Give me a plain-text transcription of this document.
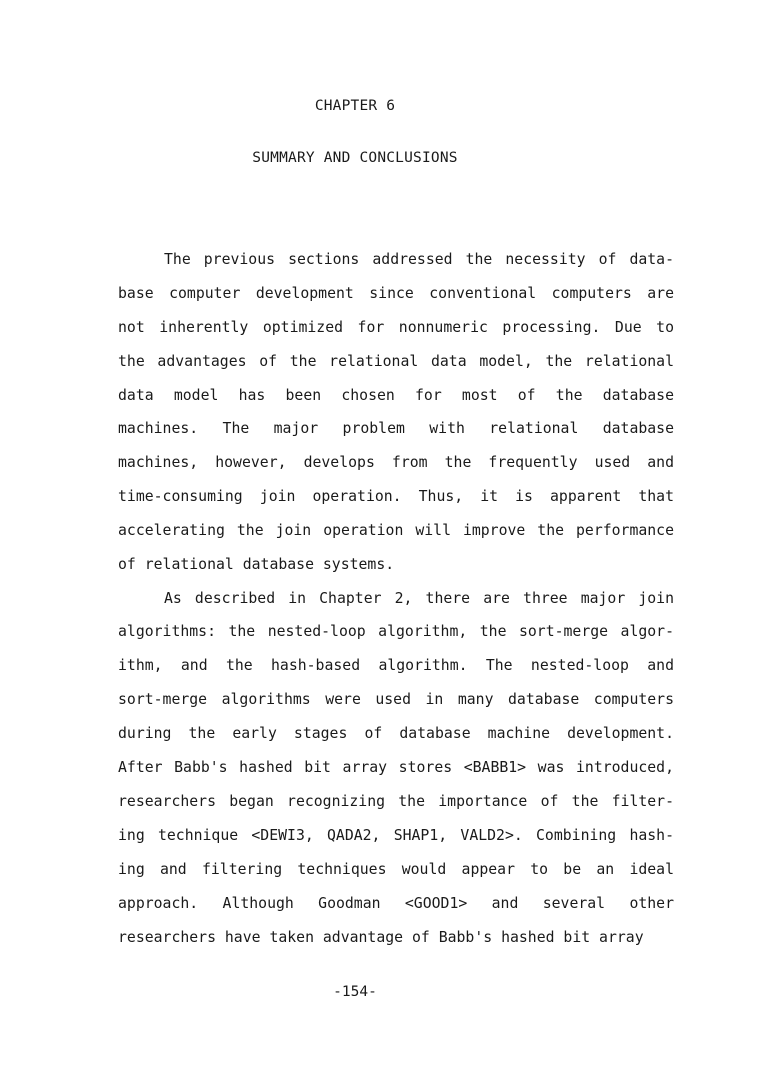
CHAPTER 6
SUMMARY AND CONCLUSIONS
The previous sections addressed the necessity of data-
base computer development since conventional computers are
not inherently optimized for nonnumeric processing. Due to
the advantages of the relational data model, the relational
data model has been chosen for most of the database
machines. The major problem with relational database
machines, however, develops from the frequently used and
time-consuming join operation. Thus, it is apparent that
accelerating the join operation will improve the performance
of relational database systems.
As described in Chapter 2, there are three major join
algorithms: the nested-loop algorithm, the sort-merge algor-
ithm, and the hash-based algorithm. The nested-loop and
sort-merge algorithms were used in many database computers
during the early stages of database machine development.
After Babb's hashed bit array stores <BABB1> was introduced,
researchers began recognizing the importance of the filter-
ing technique <DEWI3, QADA2, SHAP1, VALD2>. Combining hash-
ing and filtering techniques would appear to be an ideal
approach. Although Goodman <GOOD1> and several other
researchers have taken advantage of Babb's hashed bit array
-154-
